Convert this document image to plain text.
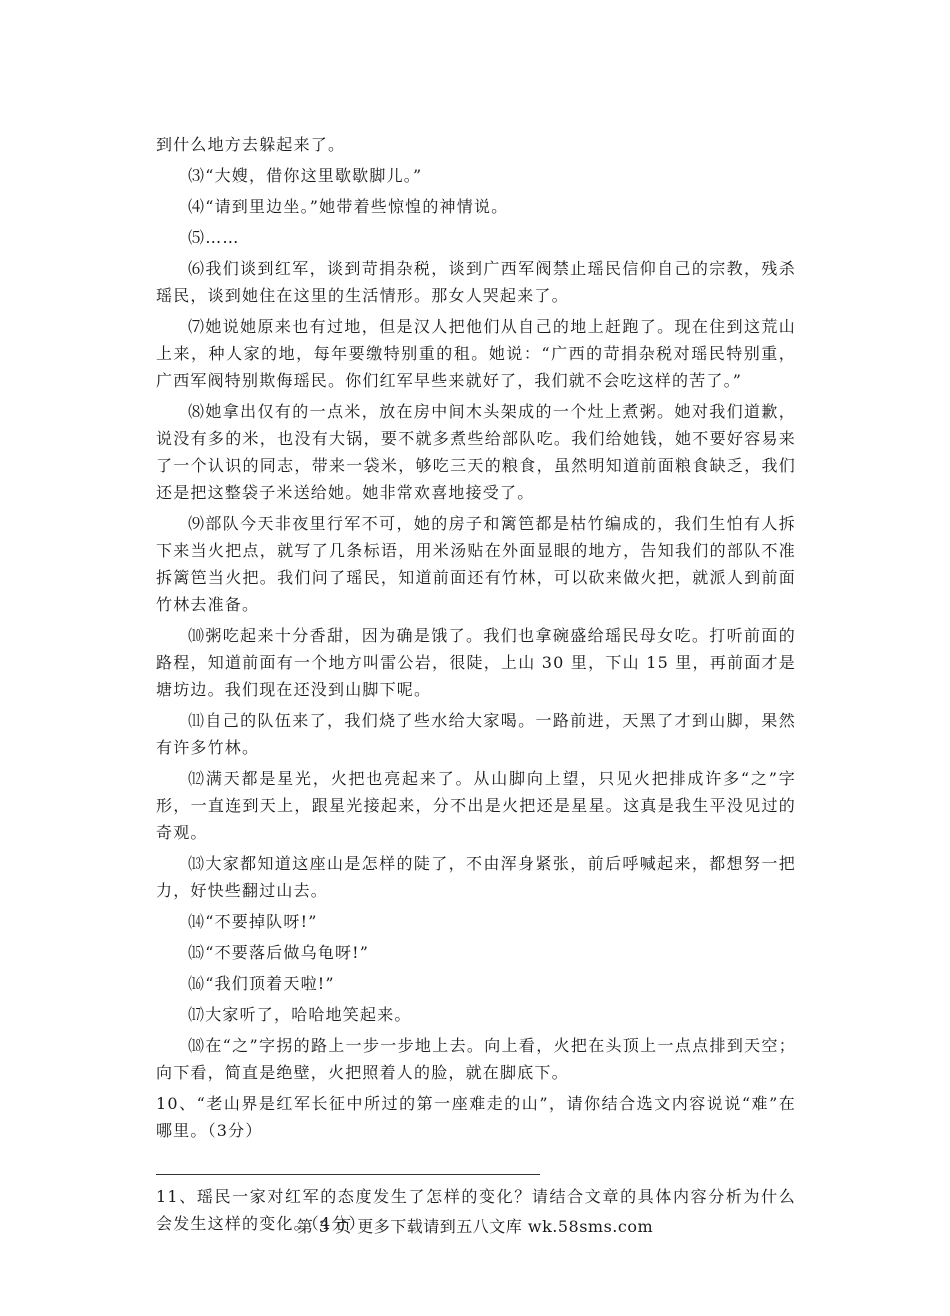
到什么地方去躲起来了。

⑶“大嫂，借你这里歇歇脚儿。”

⑷“请到里边坐。”她带着些惊惶的神情说。

⑸……

⑹我们谈到红军，谈到苛捐杂税，谈到广西军阀禁止瑶民信仰自己的宗教，残杀瑶民，谈到她住在这里的生活情形。那女人哭起来了。

⑺她说她原来也有过地，但是汉人把他们从自己的地上赶跑了。现在住到这荒山上来，种人家的地，每年要缴特别重的租。她说：“广西的苛捐杂税对瑶民特别重，广西军阀特别欺侮瑶民。你们红军早些来就好了，我们就不会吃这样的苦了。”

⑻她拿出仅有的一点米，放在房中间木头架成的一个灶上煮粥。她对我们道歉，说没有多的米，也没有大锅，要不就多煮些给部队吃。我们给她钱，她不要好容易来了一个认识的同志，带来一袋米，够吃三天的粮食，虽然明知道前面粮食缺乏，我们还是把这整袋子米送给她。她非常欢喜地接受了。

⑼部队今天非夜里行军不可，她的房子和篱笆都是枯竹编成的，我们生怕有人拆下来当火把点，就写了几条标语，用米汤贴在外面显眼的地方，告知我们的部队不准拆篱笆当火把。我们问了瑶民，知道前面还有竹林，可以砍来做火把，就派人到前面竹林去准备。

⑽粥吃起来十分香甜，因为确是饿了。我们也拿碗盛给瑶民母女吃。打听前面的路程，知道前面有一个地方叫雷公岩，很陡，上山 30 里，下山 15 里，再前面才是塘坊边。我们现在还没到山脚下呢。

⑾自己的队伍来了，我们烧了些水给大家喝。一路前进，天黑了才到山脚，果然有许多竹林。

⑿满天都是星光，火把也亮起来了。从山脚向上望，只见火把排成许多“之”字形，一直连到天上，跟星光接起来，分不出是火把还是星星。这真是我生平没见过的奇观。

⒀大家都知道这座山是怎样的陡了，不由浑身紧张，前后呼喊起来，都想努一把力，好快些翻过山去。

⒁“不要掉队呀!”

⒂“不要落后做乌龟呀!”

⒃“我们顶着天啦!”

⒄大家听了，哈哈地笑起来。

⒅在“之”字拐的路上一步一步地上去。向上看，火把在头顶上一点点排到天空；向下看，简直是绝壁，火把照着人的脸，就在脚底下。

10、“老山界是红军长征中所过的第一座难走的山”，请你结合选文内容说说“难”在哪里。（3分）

11、瑶民一家对红军的态度发生了怎样的变化？请结合文章的具体内容分析为什么会发生这样的变化。（4分）

第 3 页 更多下载请到五八文库 wk.58sms.com
